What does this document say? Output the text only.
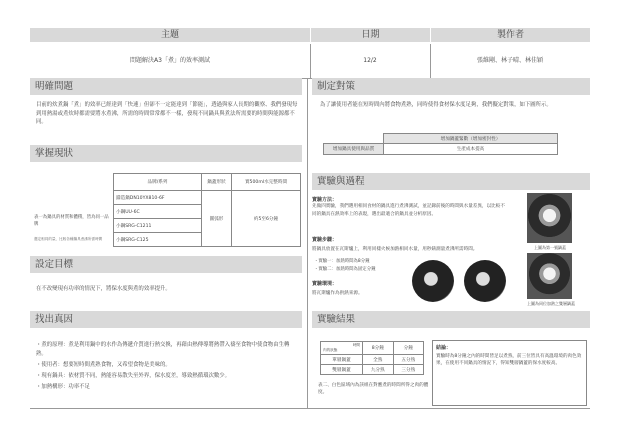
主題	日期	製作者
問題解決A3「煮」的效率測試	12/2	張維剛、林子晴、林佳穎
明確問題
目前的炊煮鍋「煮」的效率已經達到「快速」但卻不一定能達到「節能」，透過與家人長期的觀察、我們發現每到用熱湯或煮炊時都需要將水煮沸，所需的時間常常都不一樣，發現不同鍋具與煮法所需要的時間與能源都不同。
掌握現狀
表一為鍋具的材質和體積，皆為同一品牌
選定相同的量，比較各種鍋具煮沸所需時間
品牌/系列	鍋蓋形狀	實500ml水完整時間
鑄造鍋DN10YX810-6F	圓弧形	約5至6分鐘
小鋼UU-6C		
小鋼SRG-C1211		
小鋼SRG-C125		
設定目標
在不改變現有功率的情況下，將保水度與煮的效率提升。
找出真因
・煮的原理：煮是利用鍋中的水作為傳遞介質進行熱交換，再藉由熱傳導將熱帶入禱至食物中使食物由生轉熟。
・使用者：想要短時間煮熟食物，又希望食物是美味的。
・現有鍋具：依材質不同，熱能容易散失至外界，保水度差，導致熱循環次數少。
・加熱構形：功率不足
制定對策
為了讓使用者能在短時間內將食物煮熟，同時使得食材保水度足夠，我們擬定對策，如下圖所示。
	增加鍋蓋緊數（增加密封性）
增加鍋具使用與品質	生產成本提高
實驗與過程
實驗方法：
先做四實驗，我們選用相同食材的鍋具進行煮沸測試，並記錄前後的時間與水量差異，以比較不同的鍋具在熱效率上的表現，選出最適合的鍋具並分析原因。
實驗步驟：
將鍋具放置在瓦斯爐上，利用同樣火候加熱相同水量，用秒錶測量煮沸所需時間。
・實驗一：加熱時間為8分鐘
・實驗二：加熱時間為固定分鐘
實驗環境：
將瓦斯爐作為供熱來源。
上圖為第一號鍋蓋
上圖為同位加熱之雙層鍋蓋
實驗結果
時間
肉的狀態	8分鐘	分鐘
單層鍋蓋	全熟	五分熟
雙層鍋蓋	九分熟	三分熟
表二、白色區域內為該組在對應煮的時間所得之肉的體度。
結論：
實驗時為8分鐘之內的時間皆足以煮熟，前三位皆具有高溫環境的肉色效果，在使用不同鍋具的情況下，得知雙層鍋蓋的保水度較高。
